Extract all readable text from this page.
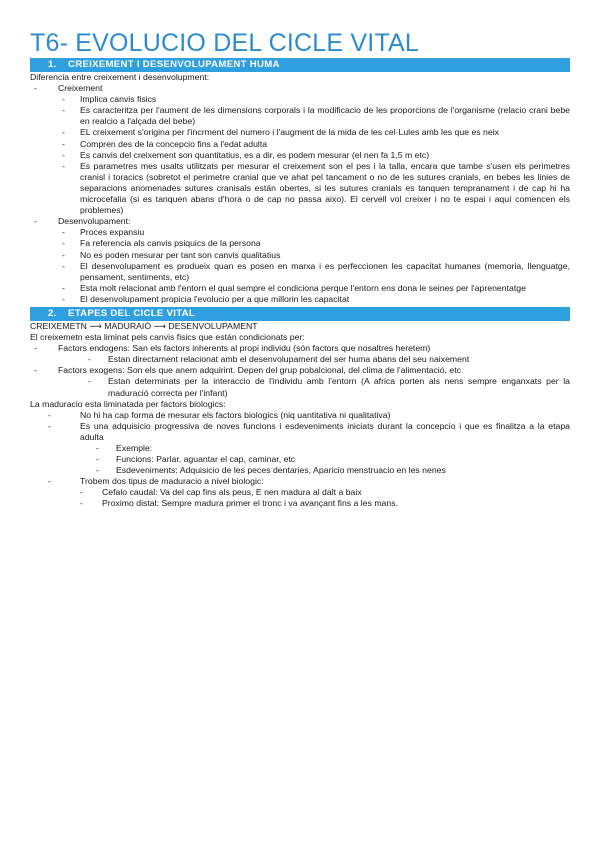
T6- EVOLUCIO DEL CICLE VITAL
1. CREIXEMENT I DESENVOLUPAMENT HUMA
Diferencia entre creixement i desenvolupment:
-	Creixement
-	Implica canvis fisics
-	Es caracteritza per l'aument de les dimensions corporals i la modificacio de les proporcions de l'organisme (relacio crani bebe en realcio a l'alçada del bebe)
-	EL creixement s'origina per l'incrment del numero i l'augment de la mida de les cel·Lules amb les que es neix
-	Compren des de la concepcio fins a l'edat adulta
-	Es canvis del creixement son quantitatius, es a dir, es podem mesurar (el nen fa 1,5 m etc)
-	Es parametres mes usalts utilitzats per mesurar el creixement son el pes i la talla, encara que tambe s'usen els perimetres cranisl i toracics (sobretot el perimetre cranial que ve ahat pel tancament o no de les sutures cranials, en bebes les linies de separacions anomenades sutures cranisals están obertes, si les sutures cranials es tanquen tempranament i de cap hi ha microcefalia (si es tanquen abans d'hora o de cap no passa aixo). El cervell vol creixer i no te espai i aquí comencen els problemes)
-	Desenvolupament:
-	Proces expansiu
-	Fa referencia als canvis psiquics de la persona
-	No es poden mesurar per tant son canvis qualitatius
-	El desenvolupament es produeix quan es posen en marxa i es perfeccionen les capacitat humanes (memoria, llenguatge, pensament, sentiments, etc)
-	Esta molt relacionat amb l'entorn el qual sempre el condiciona perque l'entorn ens dona le seines per l'aprenentatge
-	El desenvolupament propicia l'evolucio per a que millorin les capacitat
2. ETAPES DEL CICLE VITAL
CREIXEMETN ⟶ MADURAIÓ ⟶ DESENVOLUPAMENT
El creixemetn esta liminat pels canvis fisics que están condicionats per:
-	Factors endogens: San els factors inherents al propi individu (són factors que nosaltres heretem)
-	Estan directament relacionat amb el desenvolupament del ser huma abans del seu naixement
-	Factors exogens: Son els que anem adquirint. Depen del grup pobalcional, del clima de l'alimentació, etc
-	Estan determinats per la interaccio de l'individu amb l'entorn (A africa porten als nens sempre enganxats per la maduració correcta per l'infant)
La maduracio esta liminatada per factors biologics:
-	No hi ha cap forma de mesurar els factors biologics (niq uantitativa ni qualitativa)
-	Es una adquisicio progressiva de noves funcions i esdeveniments iniciats durant la concepcio i que es finalitza a la etapa adulta
-	Exemple:
-	Funcions: Parlar, aguantar el cap, caminar, etc
-	Esdeveniments: Adquisicio de les peces dentaries, Aparicio menstruacio en les nenes
-	Trobem dos tipus de maduracio a nivel biologic:
-	Cefalo caudal: Va del cap fins als peus, E nen madura al dalt a baix
-	Proximo distal: Sempre madura primer el tronc i va avançant fins a les mans.
